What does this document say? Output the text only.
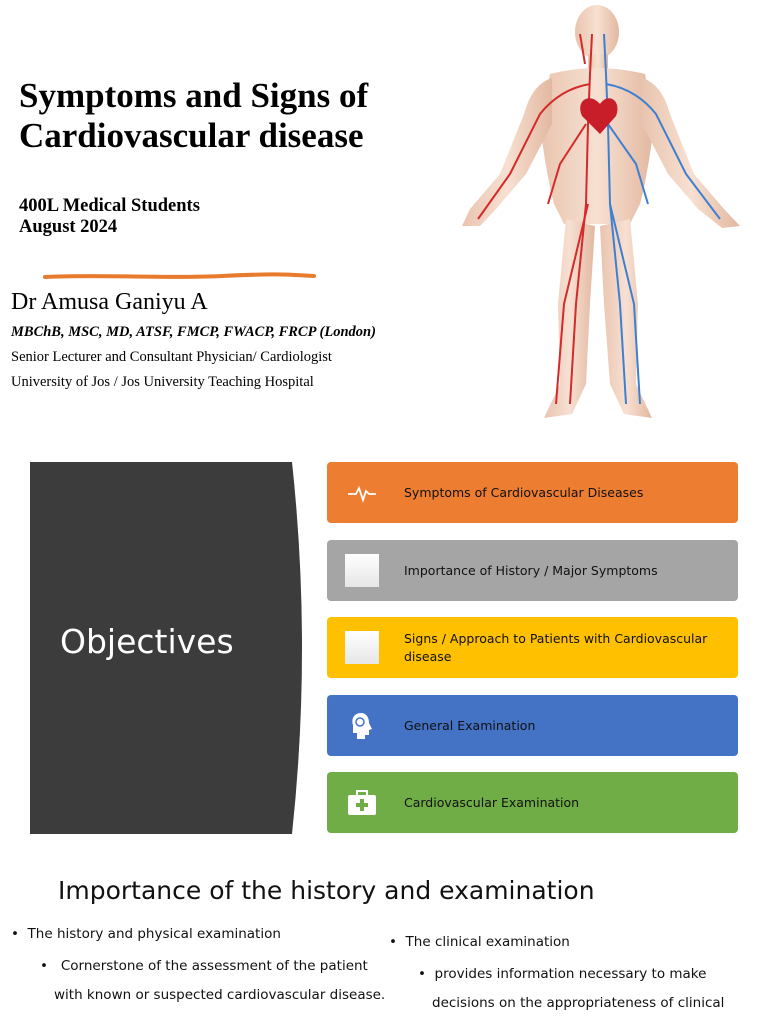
Symptoms and Signs of
Cardiovascular disease
400L Medical Students
August 2024
Dr Amusa Ganiyu A
MBChB, MSC, MD, ATSF, FMCP, FWACP, FRCP (London)
Senior Lecturer and Consultant Physician/ Cardiologist
University of Jos / Jos University Teaching Hospital
Objectives
Symptoms of Cardiovascular Diseases
Importance of History / Major Symptoms
Signs / Approach to Patients with Cardiovascular disease
General Examination
Cardiovascular Examination
Importance of the history and examination
•  The history and physical examination
•   Cornerstone of the assessment of the patient
with known or suspected cardiovascular disease.
•  The clinical examination
•  provides information necessary to make
decisions on the appropriateness of clinical
